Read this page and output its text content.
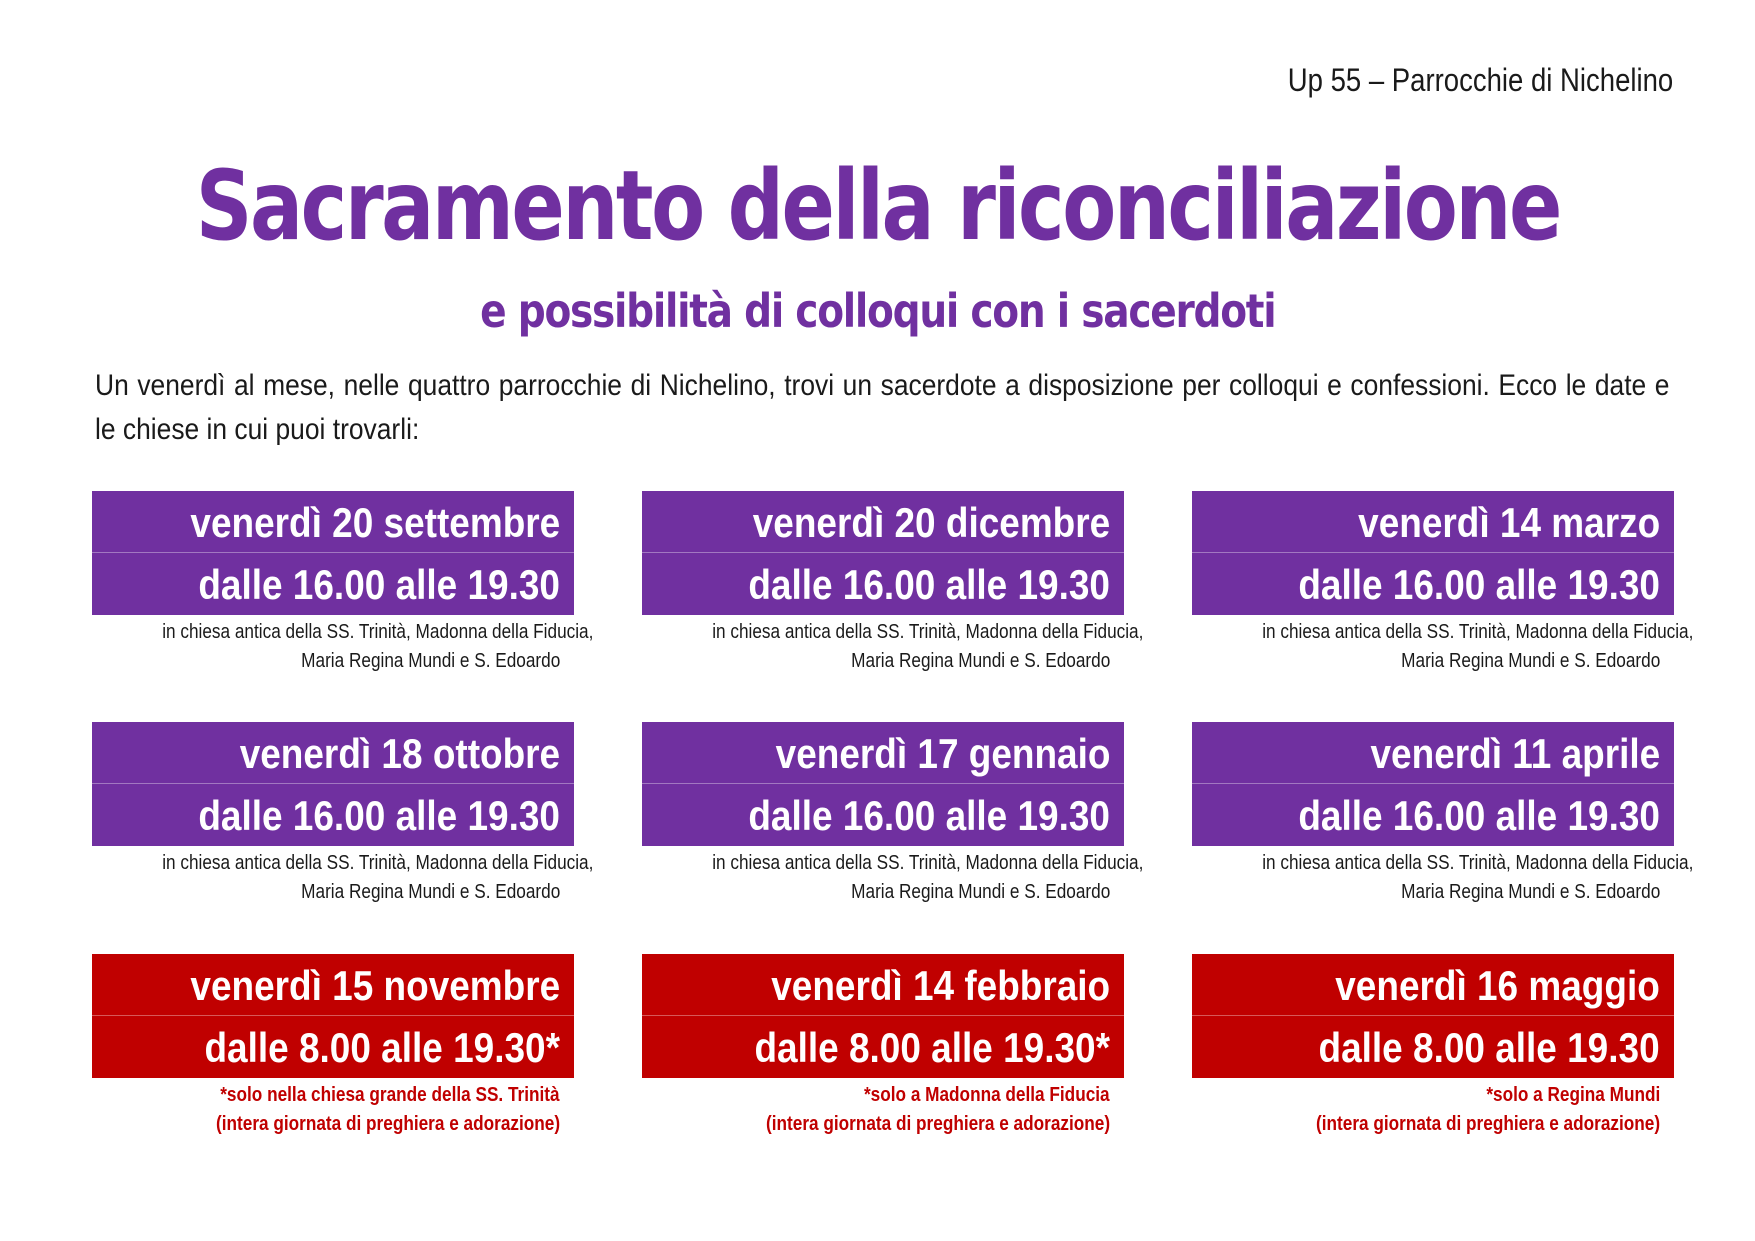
Up 55 – Parrocchie di Nichelino
Sacramento della riconciliazione
e possibilità di colloqui con i sacerdoti
Un venerdì al mese, nelle quattro parrocchie di Nichelino, trovi un sacerdote a disposizione per colloqui e confessioni. Ecco le date e le chiese in cui puoi trovarli:
venerdì 20 settembre
dalle 16.00 alle 19.30
in chiesa antica della SS. Trinità, Madonna della Fiducia,
Maria Regina Mundi e S. Edoardo
venerdì 20 dicembre
dalle 16.00 alle 19.30
in chiesa antica della SS. Trinità, Madonna della Fiducia,
Maria Regina Mundi e S. Edoardo
venerdì 14 marzo
dalle 16.00 alle 19.30
in chiesa antica della SS. Trinità, Madonna della Fiducia,
Maria Regina Mundi e S. Edoardo
venerdì 18 ottobre
dalle 16.00 alle 19.30
in chiesa antica della SS. Trinità, Madonna della Fiducia,
Maria Regina Mundi e S. Edoardo
venerdì 17 gennaio
dalle 16.00 alle 19.30
in chiesa antica della SS. Trinità, Madonna della Fiducia,
Maria Regina Mundi e S. Edoardo
venerdì 11 aprile
dalle 16.00 alle 19.30
in chiesa antica della SS. Trinità, Madonna della Fiducia,
Maria Regina Mundi e S. Edoardo
venerdì 15 novembre
dalle 8.00 alle 19.30*
*solo nella chiesa grande della SS. Trinità
(intera giornata di preghiera e adorazione)
venerdì 14 febbraio
dalle 8.00 alle 19.30*
*solo a Madonna della Fiducia
(intera giornata di preghiera e adorazione)
venerdì 16 maggio
dalle 8.00 alle 19.30
*solo a Regina Mundi
(intera giornata di preghiera e adorazione)
